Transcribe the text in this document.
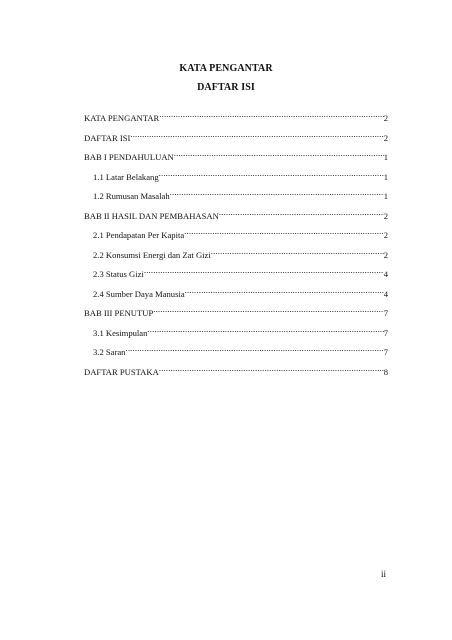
KATA PENGANTAR
DAFTAR ISI
KATA PENGANTAR .....	2
DAFTAR ISI .....	2
BAB I PENDAHULUAN .....	1
1.1 Latar Belakang .....	1
1.2 Rumusan Masalah .....	1
BAB II HASIL DAN PEMBAHASAN .....	2
2.1 Pendapatan Per Kapita .....	2
2.2 Konsumsi Energi dan Zat Gizi .....	2
2.3 Status Gizi .....	4
2.4 Sumber Daya Manusia .....	4
BAB III PENUTUP .....	7
3.1 Kesimpulan .....	7
3.2 Saran .....	7
DAFTAR PUSTAKA .....	8
ii
